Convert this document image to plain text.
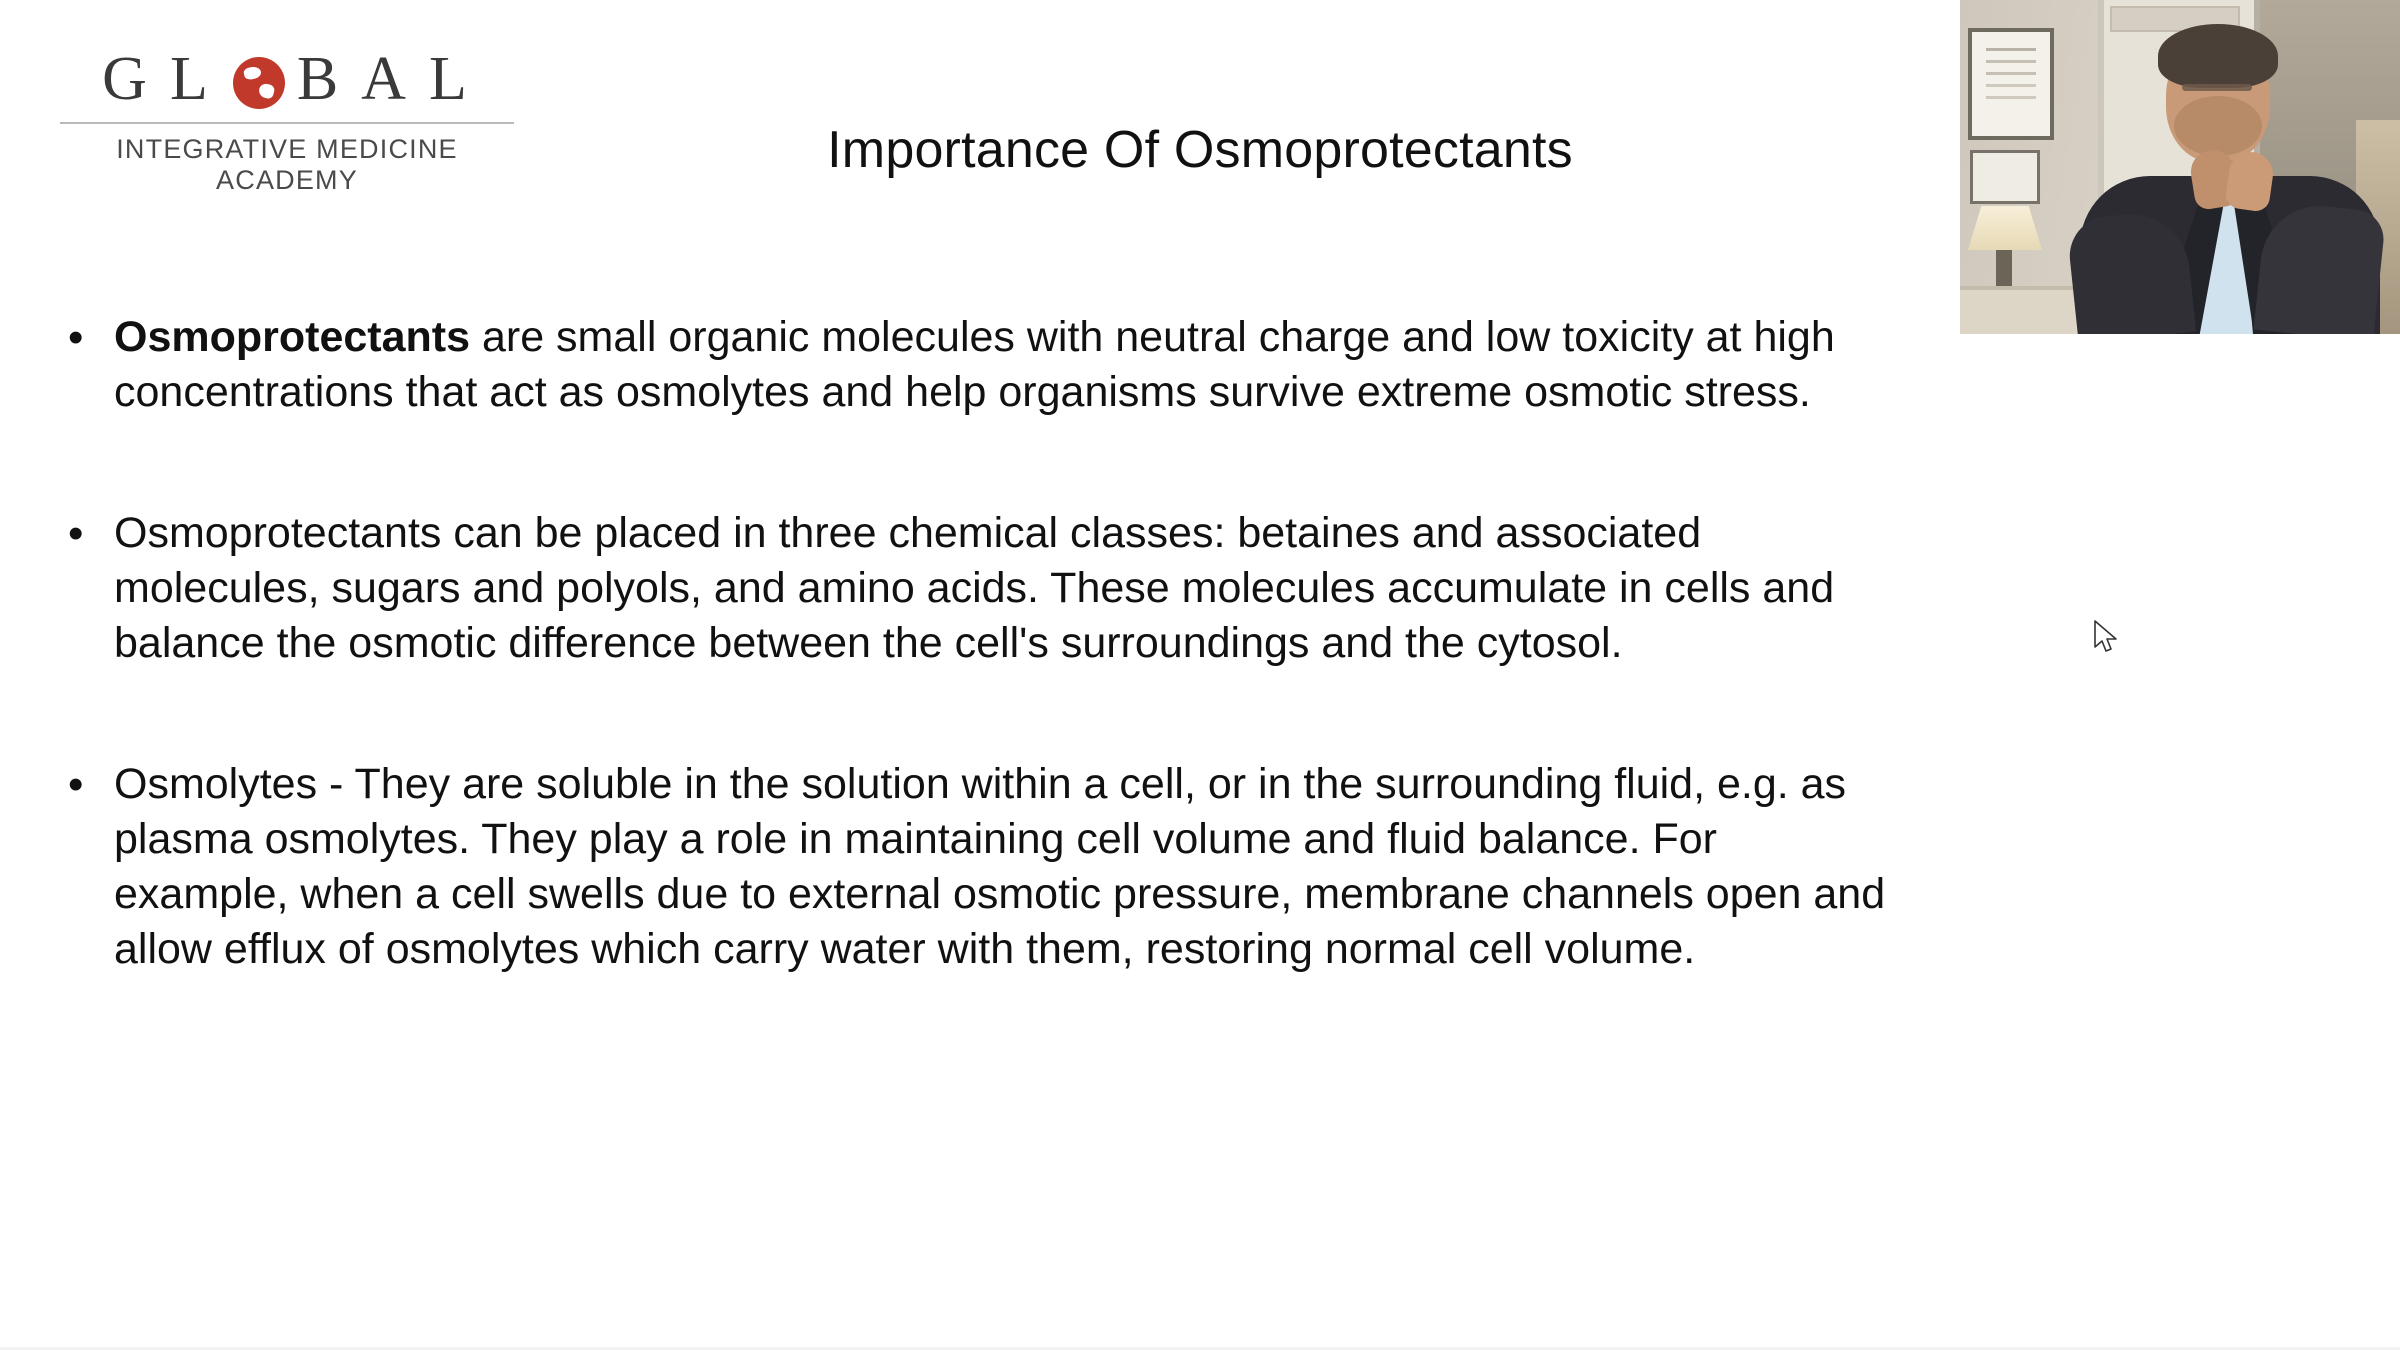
G L B A L
INTEGRATIVE MEDICINE ACADEMY
Importance Of Osmoprotectants
• Osmoprotectants are small organic molecules with neutral charge and low toxicity at high concentrations that act as osmolytes and help organisms survive extreme osmotic stress.
• Osmoprotectants can be placed in three chemical classes: betaines and associated molecules, sugars and polyols, and amino acids. These molecules accumulate in cells and balance the osmotic difference between the cell's surroundings and the cytosol.
• Osmolytes - They are soluble in the solution within a cell, or in the surrounding fluid, e.g. as plasma osmolytes. They play a role in maintaining cell volume and fluid balance. For example, when a cell swells due to external osmotic pressure, membrane channels open and allow efflux of osmolytes which carry water with them, restoring normal cell volume.
